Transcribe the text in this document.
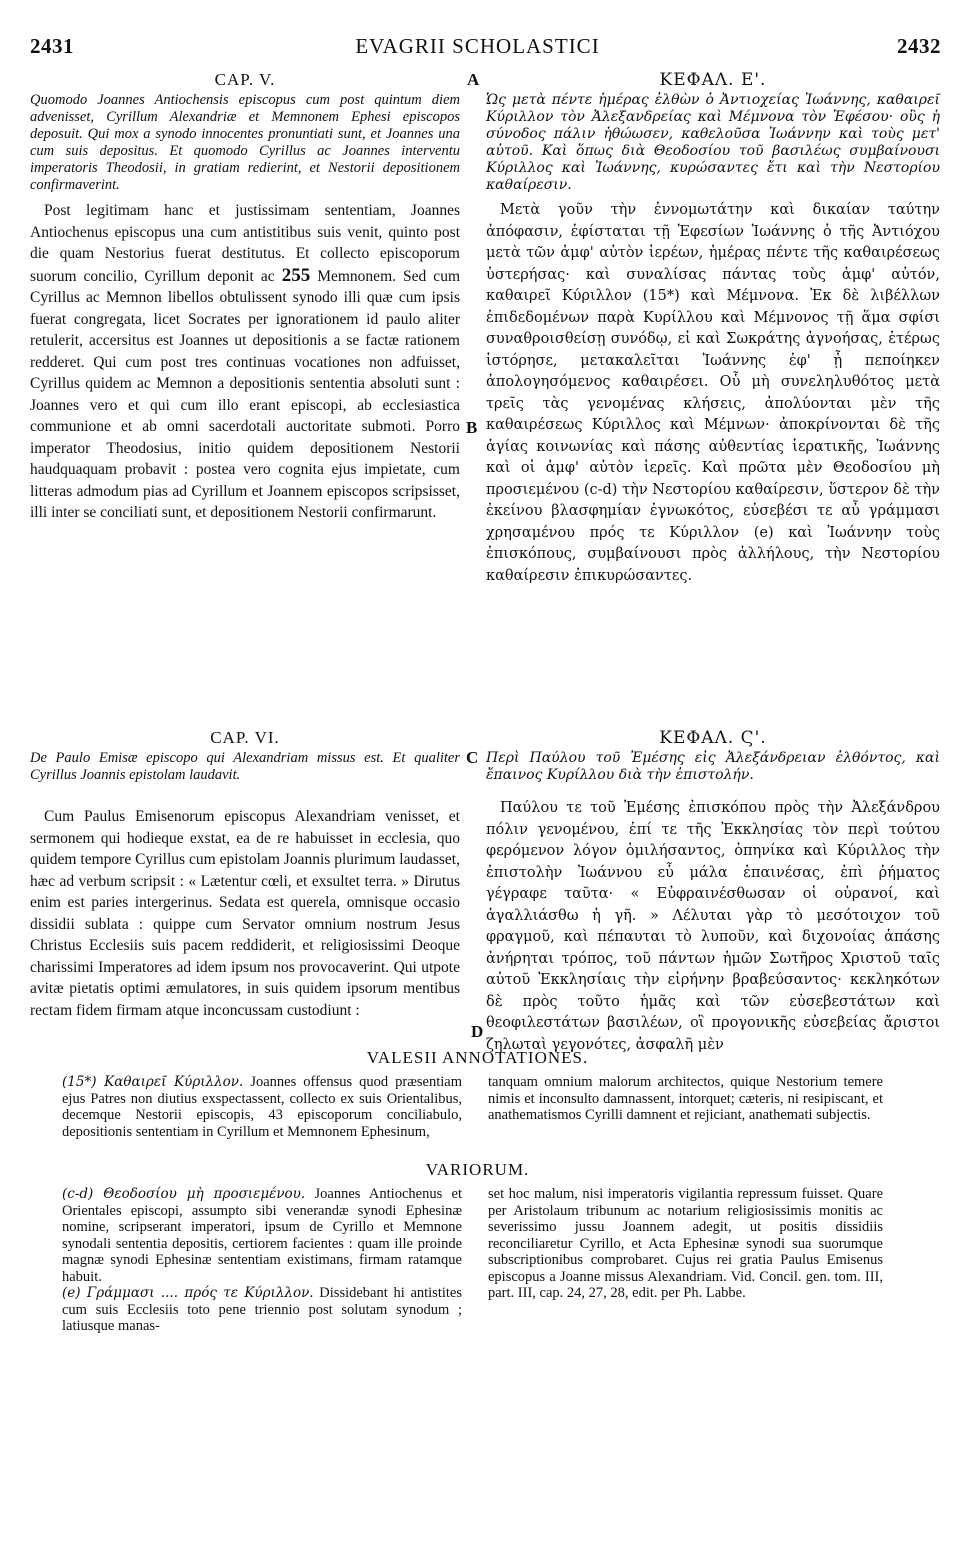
2431	EVAGRII SCHOLASTICI	2432
A
B
C
D

CAP. V.

Quomodo Joannes Antiochensis episcopus cum post quintum diem advenisset, Cyrillum Alexandriæ et Memnonem Ephesi episcopos deposuit. Qui mox a synodo innocentes pronuntiati sunt, et Joannes una cum suis depositus. Et quomodo Cyrillus ac Joannes interventu imperatoris Theodosii, in gratiam redierint, et Nestorii depositionem confirmaverint.

Post legitimam hanc et justissimam sententiam, Joannes Antiochenus episcopus una cum antistitibus suis venit, quinto post die quam Nestorius fuerat destitutus. Et collecto episcoporum suorum concilio, Cyrillum deponit ac 255 Memnonem. Sed cum Cyrillus ac Memnon libellos obtulissent synodo illi quæ cum ipsis fuerat congregata, licet Socrates per ignorationem id paulo aliter retulerit, accersitus est Joannes ut depositionis a se factæ rationem redderet. Qui cum post tres continuas vocationes non adfuisset, Cyrillus quidem ac Memnon a depositionis sententia absoluti sunt : Joannes vero et qui cum illo erant episcopi, ab ecclesiastica communione et ab omni sacerdotali auctoritate submoti. Porro imperator Theodosius, initio quidem depositionem Nestorii haudquaquam probavit : postea vero cognita ejus impietate, cum litteras admodum pias ad Cyrillum et Joannem episcopos scripsisset, illi inter se conciliati sunt, et depositionem Nestorii confirmarunt.

CAP. VI.

De Paulo Emisæ episcopo qui Alexandriam missus est. Et qualiter Cyrillus Joannis epistolam laudavit.

Cum Paulus Emisenorum episcopus Alexandriam venisset, et sermonem qui hodieque exstat, ea de re habuisset in ecclesia, quo quidem tempore Cyrillus cum epistolam Joannis plurimum laudasset, hæc ad verbum scripsit : « Lætentur cœli, et exsultet terra. » Dirutus enim est paries intergerinus. Sedata est querela, omnisque occasio dissidii sublata : quippe cum Servator omnium nostrum Jesus Christus Ecclesiis suis pacem reddiderit, et religiosissimi Deoque charissimi Imperatores ad idem ipsum nos provocaverint. Qui utpote avitæ pietatis optimi æmulatores, in suis quidem ipsorum mentibus rectam fidem firmam atque inconcussam custodiunt :

ΚΕΦΑΛ. Ε'.

Ὡς μετὰ πέντε ἡμέρας ἐλθὼν ὁ Ἀντιοχείας Ἰωάννης, καθαιρεῖ Κύριλλον τὸν Ἀλεξανδρείας καὶ Μέμνονα τὸν Ἐφέσου· οὓς ἡ σύνοδος πάλιν ἠθώωσεν, καθελοῦσα Ἰωάννην καὶ τοὺς μετ' αὐτοῦ. Καὶ ὅπως διὰ Θεοδοσίου τοῦ βασιλέως συμβαίνουσι Κύριλλος καὶ Ἰωάννης, κυρώσαντες ἔτι καὶ τὴν Νεστορίου καθαίρεσιν.

Μετὰ γοῦν τὴν ἐννομωτάτην καὶ δικαίαν ταύτην ἀπόφασιν, ἐφίσταται τῇ Ἐφεσίων Ἰωάννης ὁ τῆς Ἀντιόχου μετὰ τῶν ἀμφ' αὐτὸν ἱερέων, ἡμέρας πέντε τῆς καθαιρέσεως ὑστερήσας· καὶ συναλίσας πάντας τοὺς ἀμφ' αὐτόν, καθαιρεῖ Κύριλλον (15*) καὶ Μέμνονα. Ἐκ δὲ λιβέλλων ἐπιδεδομένων παρὰ Κυρίλλου καὶ Μέμνονος τῇ ἅμα σφίσι συναθροισθείσῃ συνόδῳ, εἰ καὶ Σωκράτης ἀγνοήσας, ἑτέρως ἱστόρησε, μετακαλεῖται Ἰωάννης ἐφ' ᾗ πεποίηκεν ἀπολογησόμενος καθαιρέσει. Οὗ μὴ συνεληλυθότος μετὰ τρεῖς τὰς γενομένας κλήσεις, ἀπολύονται μὲν τῆς καθαιρέσεως Κύριλλος καὶ Μέμνων· ἀποκρίνονται δὲ τῆς ἁγίας κοινωνίας καὶ πάσης αὐθεντίας ἱερατικῆς, Ἰωάννης καὶ οἱ ἀμφ' αὐτὸν ἱερεῖς. Καὶ πρῶτα μὲν Θεοδοσίου μὴ προσιεμένου (c-d) τὴν Νεστορίου καθαίρεσιν, ὕστερον δὲ τὴν ἐκείνου βλασφημίαν ἐγνωκότος, εὐσεβέσι τε αὖ γράμμασι χρησαμένου πρός τε Κύριλλον (e) καὶ Ἰωάννην τοὺς ἐπισκόπους, συμβαίνουσι πρὸς ἀλλήλους, τὴν Νεστορίου καθαίρεσιν ἐπικυρώσαντες.

ΚΕΦΑΛ. Ϛ'.

Περὶ Παύλου τοῦ Ἐμέσης εἰς Ἀλεξάνδρειαν ἐλθόντος, καὶ ἔπαινος Κυρίλλου διὰ τὴν ἐπιστολήν.

Παύλου τε τοῦ Ἐμέσης ἐπισκόπου πρὸς τὴν Ἀλεξάνδρου πόλιν γενομένου, ἐπί τε τῆς Ἐκκλησίας τὸν περὶ τούτου φερόμενον λόγον ὁμιλήσαντος, ὁπηνίκα καὶ Κύριλλος τὴν ἐπιστολὴν Ἰωάννου εὖ μάλα ἐπαινέσας, ἐπὶ ῥήματος γέγραφε ταῦτα· « Εὐφραινέσθωσαν οἱ οὐρανοί, καὶ ἀγαλλιάσθω ἡ γῆ. » Λέλυται γὰρ τὸ μεσότοιχον τοῦ φραγμοῦ, καὶ πέπαυται τὸ λυποῦν, καὶ διχονοίας ἁπάσης ἀνήρηται τρόπος, τοῦ πάντων ἡμῶν Σωτῆρος Χριστοῦ ταῖς αὐτοῦ Ἐκκλησίαις τὴν εἰρήνην βραβεύσαντος· κεκληκότων δὲ πρὸς τοῦτο ἡμᾶς καὶ τῶν εὐσεβεστάτων καὶ θεοφιλεστάτων βασιλέων, οἳ προγονικῆς εὐσεβείας ἄριστοι ζηλωταὶ γεγονότες, ἀσφαλῆ μὲν

VALESII ANNOTATIONES.

(15*) Καθαιρεῖ Κύριλλον. Joannes offensus quod præsentiam ejus Patres non diutius exspectassent, collecto ex suis Orientalibus, decemque Nestorii episcopis, 43 episcoporum conciliabulo, depositionis sententiam in Cyrillum et Memnonem Ephesinum,

tanquam omnium malorum architectos, quique Nestorium temere nimis et inconsulto damnassent, intorquet; cæteris, ni resipiscant, et anathematismos Cyrilli damnent et rejiciant, anathemati subjectis.

VARIORUM.

(c-d) Θεοδοσίου μὴ προσιεμένου. Joannes Antiochenus et Orientales episcopi, assumpto sibi venerandæ synodi Ephesinæ nomine, scripserant imperatori, ipsum de Cyrillo et Memnone synodali sententia depositis, certiorem facientes : quam ille proinde magnæ synodi Ephesinæ sententiam existimans, firmam ratamque habuit.

(e) Γράμμασι .... πρός τε Κύριλλον. Dissidebant hi antistites cum suis Ecclesiis toto pene triennio post solutam synodum ; latiusque manas-

set hoc malum, nisi imperatoris vigilantia repressum fuisset. Quare per Aristolaum tribunum ac notarium religiosissimis monitis ac severissimo jussu Joannem adegit, ut positis dissidiis reconciliaretur Cyrillo, et Acta Ephesinæ synodi sua suorumque subscriptionibus comprobaret. Cujus rei gratia Paulus Emisenus episcopus a Joanne missus Alexandriam. Vid. Concil. gen. tom. III, part. III, cap. 24, 27, 28, edit. per Ph. Labbe.
